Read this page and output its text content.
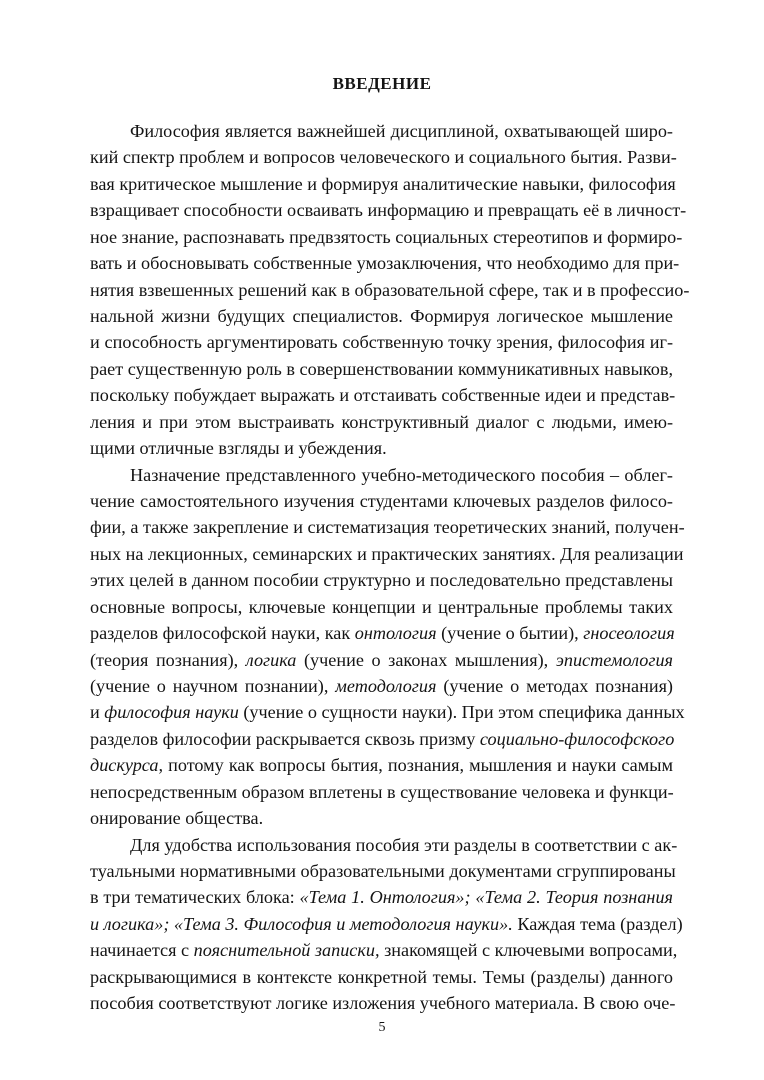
ВВЕДЕНИЕ
Философия является важнейшей дисциплиной, охватывающей широ-
кий спектр проблем и вопросов человеческого и социального бытия. Разви-
вая критическое мышление и формируя аналитические навыки, философия
взращивает способности осваивать информацию и превращать её в личност-
ное знание, распознавать предвзятость социальных стереотипов и формиро-
вать и обосновывать собственные умозаключения, что необходимо для при-
нятия взвешенных решений как в образовательной сфере, так и в профессио-
нальной жизни будущих специалистов. Формируя логическое мышление
и способность аргументировать собственную точку зрения, философия иг-
рает существенную роль в совершенствовании коммуникативных навыков,
поскольку побуждает выражать и отстаивать собственные идеи и представ-
ления и при этом выстраивать конструктивный диалог с людьми, имею-
щими отличные взгляды и убеждения.
Назначение представленного учебно-методического пособия – облег-
чение самостоятельного изучения студентами ключевых разделов филосо-
фии, а также закрепление и систематизация теоретических знаний, получен-
ных на лекционных, семинарских и практических занятиях. Для реализации
этих целей в данном пособии структурно и последовательно представлены
основные вопросы, ключевые концепции и центральные проблемы таких
разделов философской науки, как онтология (учение о бытии), гносеология
(теория познания), логика (учение о законах мышления), эпистемология
(учение о научном познании), методология (учение о методах познания)
и философия науки (учение о сущности науки). При этом специфика данных
разделов философии раскрывается сквозь призму социально-философского
дискурса, потому как вопросы бытия, познания, мышления и науки самым
непосредственным образом вплетены в существование человека и функци-
онирование общества.
Для удобства использования пособия эти разделы в соответствии с ак-
туальными нормативными образовательными документами сгруппированы
в три тематических блока: «Тема 1. Онтология»; «Тема 2. Теория познания
и логика»; «Тема 3. Философия и методология науки». Каждая тема (раздел)
начинается с пояснительной записки, знакомящей с ключевыми вопросами,
раскрывающимися в контексте конкретной темы. Темы (разделы) данного
пособия соответствуют логике изложения учебного материала. В свою оче-
5
